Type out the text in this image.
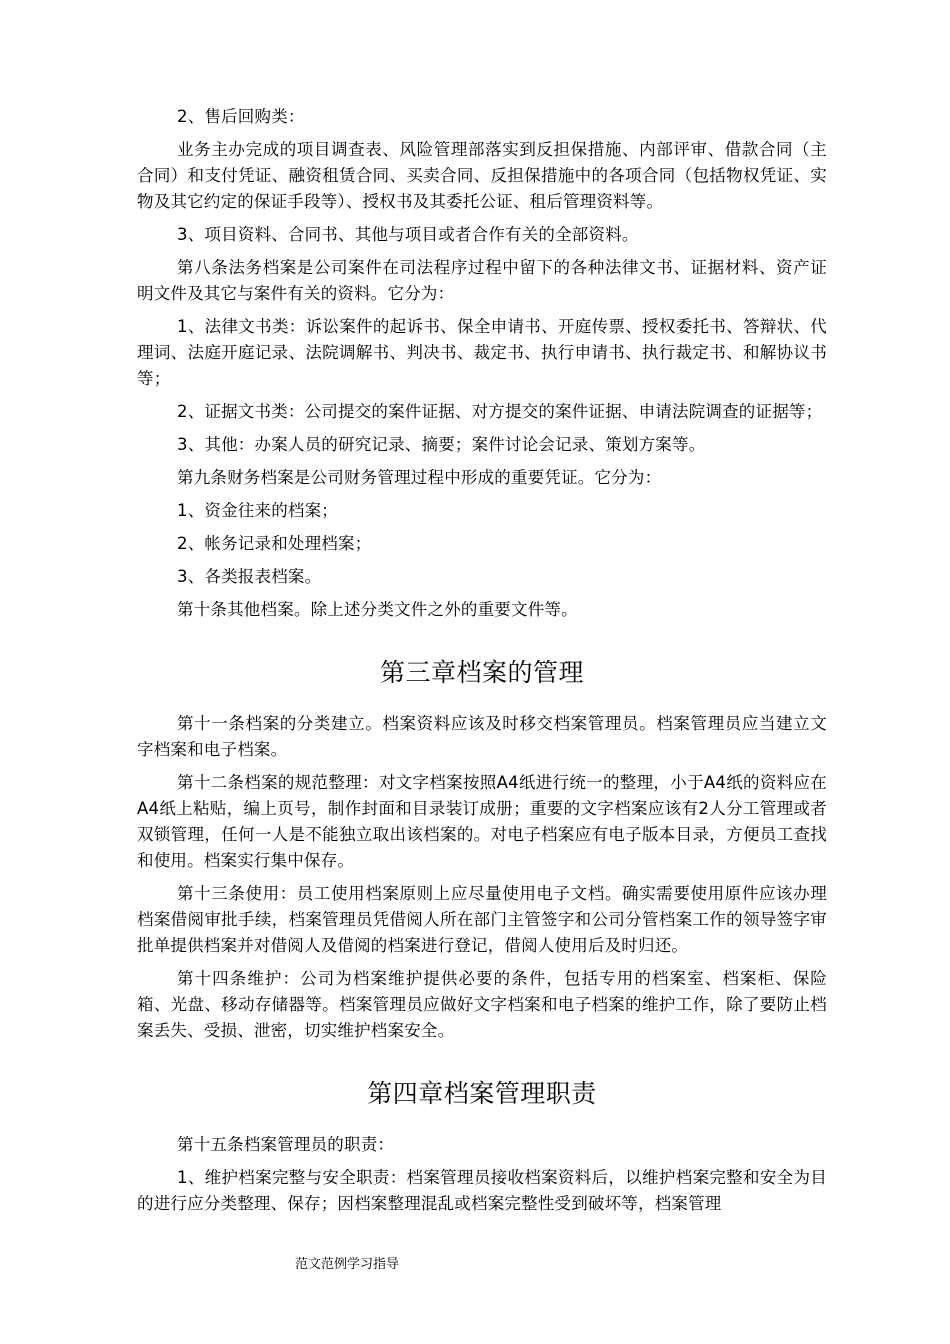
2、售后回购类：

业务主办完成的项目调查表、风险管理部落实到反担保措施、内部评审、借款合同（主合同）和支付凭证、融资租赁合同、买卖合同、反担保措施中的各项合同（包括物权凭证、实物及其它约定的保证手段等）、授权书及其委托公证、租后管理资料等。

3、项目资料、合同书、其他与项目或者合作有关的全部资料。

第八条法务档案是公司案件在司法程序过程中留下的各种法律文书、证据材料、资产证明文件及其它与案件有关的资料。它分为：

1、法律文书类：诉讼案件的起诉书、保全申请书、开庭传票、授权委托书、答辩状、代理词、法庭开庭记录、法院调解书、判决书、裁定书、执行申请书、执行裁定书、和解协议书等；

2、证据文书类：公司提交的案件证据、对方提交的案件证据、申请法院调查的证据等；

3、其他：办案人员的研究记录、摘要；案件讨论会记录、策划方案等。

第九条财务档案是公司财务管理过程中形成的重要凭证。它分为：

1、资金往来的档案；

2、帐务记录和处理档案；

3、各类报表档案。

第十条其他档案。除上述分类文件之外的重要文件等。

第三章档案的管理

第十一条档案的分类建立。档案资料应该及时移交档案管理员。档案管理员应当建立文字档案和电子档案。

第十二条档案的规范整理：对文字档案按照A4纸进行统一的整理，小于A4纸的资料应在A4纸上粘贴，编上页号，制作封面和目录装订成册；重要的文字档案应该有2人分工管理或者双锁管理，任何一人是不能独立取出该档案的。对电子档案应有电子版本目录，方便员工查找和使用。档案实行集中保存。

第十三条使用：员工使用档案原则上应尽量使用电子文档。确实需要使用原件应该办理档案借阅审批手续，档案管理员凭借阅人所在部门主管签字和公司分管档案工作的领导签字审批单提供档案并对借阅人及借阅的档案进行登记，借阅人使用后及时归还。

第十四条维护：公司为档案维护提供必要的条件，包括专用的档案室、档案柜、保险箱、光盘、移动存储器等。档案管理员应做好文字档案和电子档案的维护工作，除了要防止档案丢失、受损、泄密，切实维护档案安全。

第四章档案管理职责

第十五条档案管理员的职责：

1、维护档案完整与安全职责：档案管理员接收档案资料后，以维护档案完整和安全为目的进行应分类整理、保存；因档案整理混乱或档案完整性受到破坏等，档案管理

范文范例学习指导
